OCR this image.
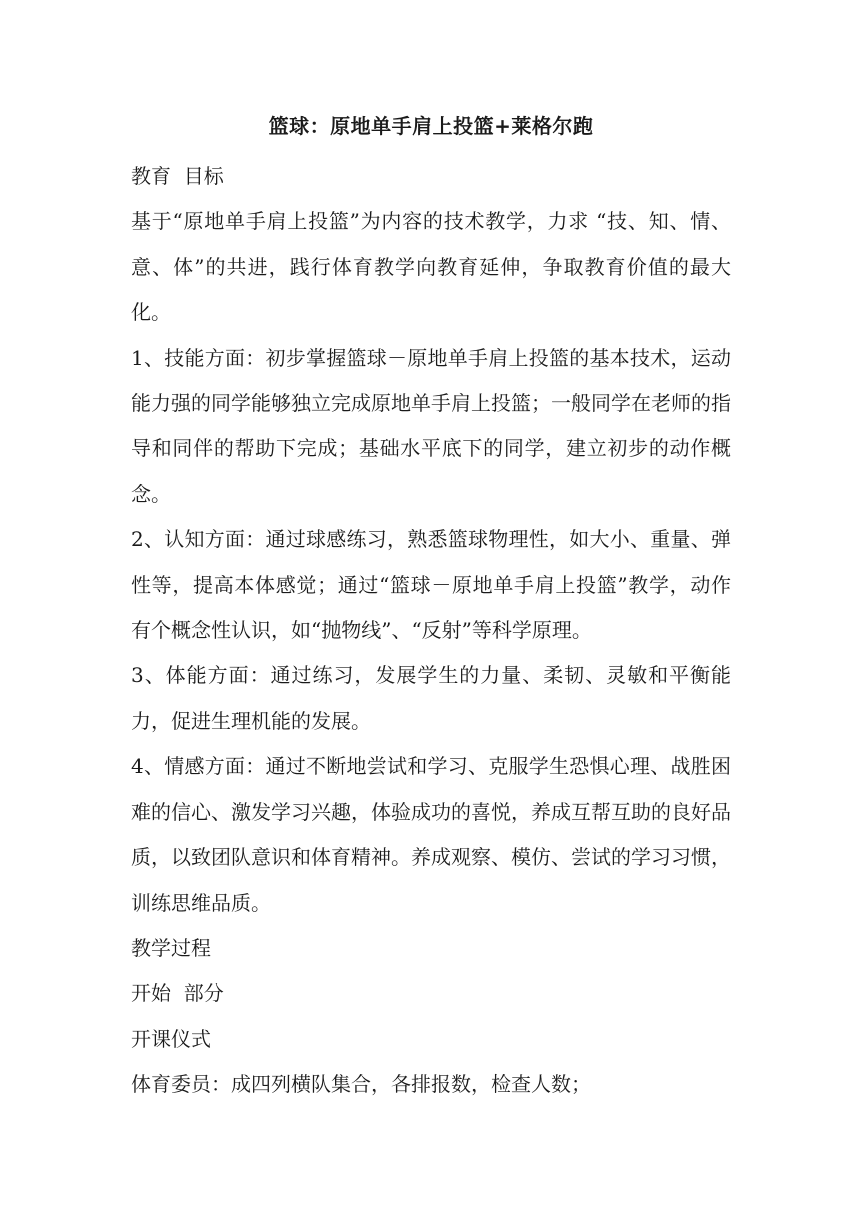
篮球：原地单手肩上投篮+莱格尔跑
教育  目标
基于“原地单手肩上投篮”为内容的技术教学，力求 “技、知、情、意、体”的共进，践行体育教学向教育延伸，争取教育价值的最大化。
1、技能方面：初步掌握篮球－原地单手肩上投篮的基本技术，运动能力强的同学能够独立完成原地单手肩上投篮；一般同学在老师的指导和同伴的帮助下完成；基础水平底下的同学，建立初步的动作概念。
2、认知方面：通过球感练习，熟悉篮球物理性，如大小、重量、弹性等，提高本体感觉；通过“篮球－原地单手肩上投篮”教学，动作有个概念性认识，如“抛物线”、“反射”等科学原理。
3、体能方面：通过练习，发展学生的力量、柔韧、灵敏和平衡能力，促进生理机能的发展。
4、情感方面：通过不断地尝试和学习、克服学生恐惧心理、战胜困难的信心、激发学习兴趣，体验成功的喜悦，养成互帮互助的良好品质，以致团队意识和体育精神。养成观察、模仿、尝试的学习习惯，训练思维品质。
教学过程
开始  部分
开课仪式
体育委员：成四列横队集合，各排报数，检查人数；
